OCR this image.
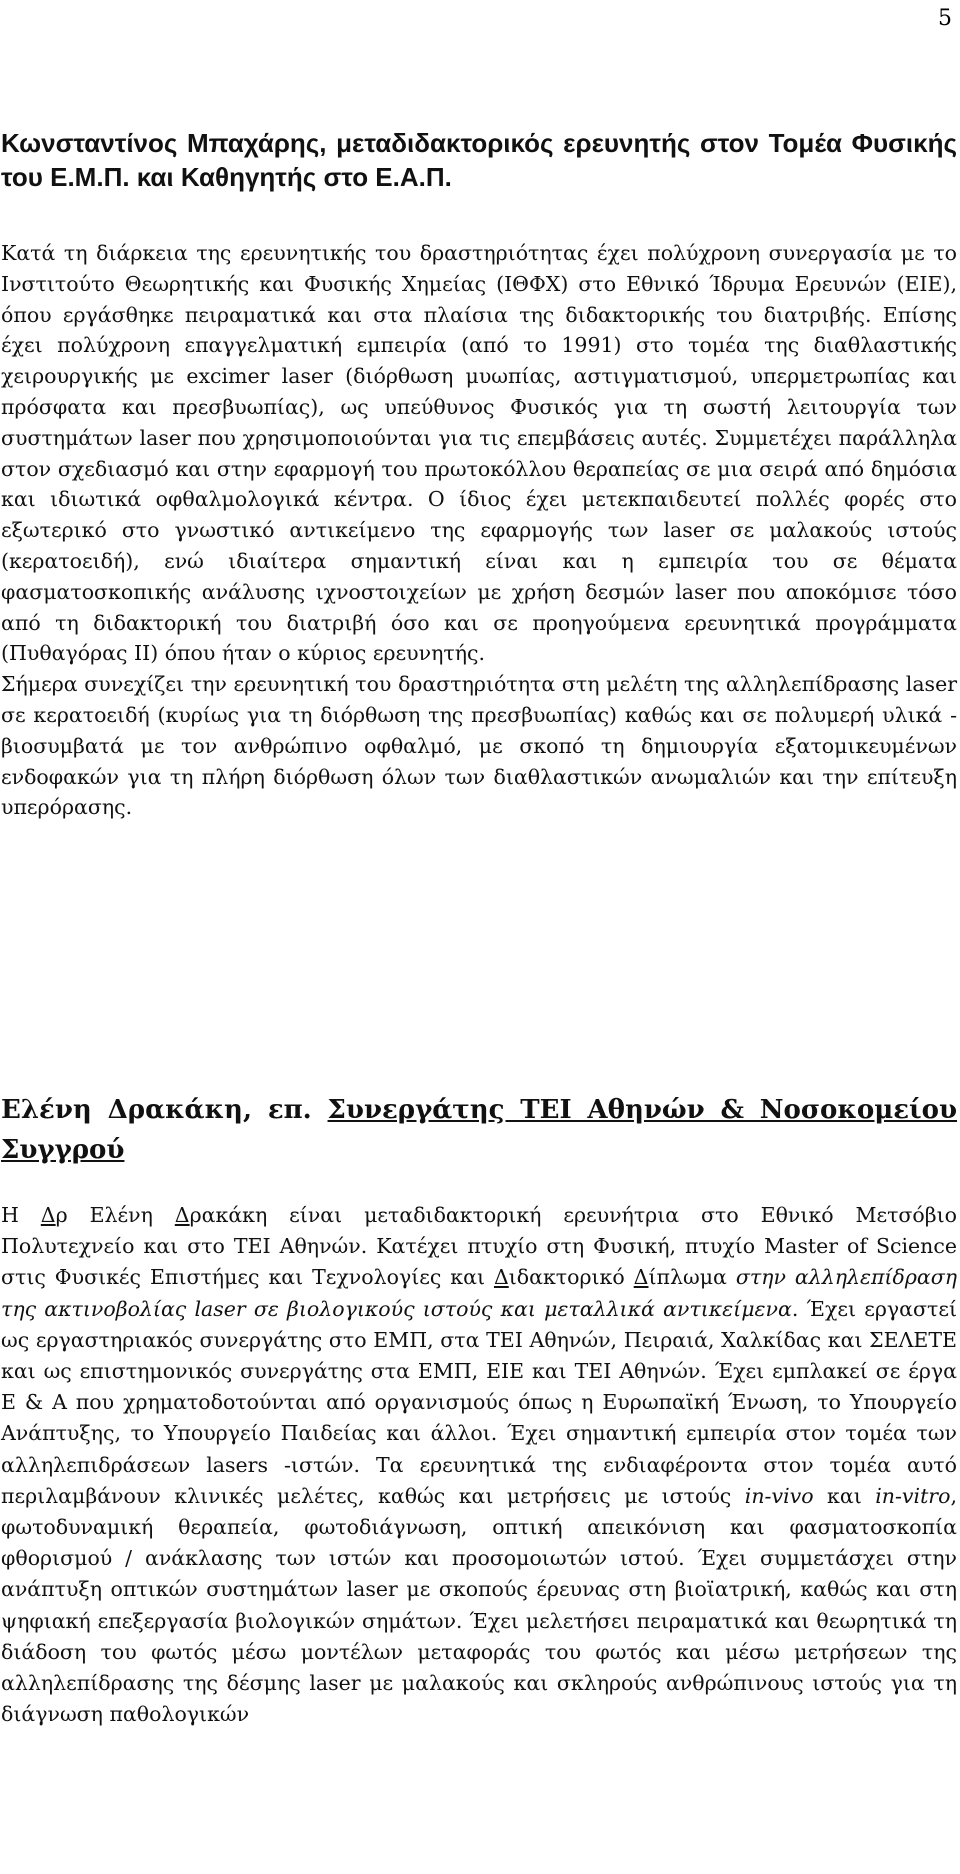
5

Κωνσταντίνος Μπαχάρης, μεταδιδακτορικός ερευνητής στον Τομέα Φυσικής του Ε.Μ.Π. και Καθηγητής στο Ε.Α.Π.

Κατά τη διάρκεια της ερευνητικής του δραστηριότητας έχει πολύχρονη συνεργασία με το Ινστιτούτο Θεωρητικής και Φυσικής Χημείας (ΙΘΦΧ) στο Εθνικό Ίδρυμα Ερευνών (ΕΙΕ), όπου εργάσθηκε πειραματικά και στα πλαίσια της διδακτορικής του διατριβής. Επίσης έχει πολύχρονη επαγγελματική εμπειρία (από το 1991) στο τομέα της διαθλαστικής χειρουργικής με excimer laser (διόρθωση μυωπίας, αστιγματισμού, υπερμετρωπίας και πρόσφατα και πρεσβυωπίας), ως υπεύθυνος Φυσικός για τη σωστή λειτουργία των συστημάτων laser που χρησιμοποιούνται για τις επεμβάσεις αυτές. Συμμετέχει παράλληλα στον σχεδιασμό και στην εφαρμογή του πρωτοκόλλου θεραπείας σε μια σειρά από δημόσια και ιδιωτικά οφθαλμολογικά κέντρα. Ο ίδιος έχει μετεκπαιδευτεί πολλές φορές στο εξωτερικό στο γνωστικό αντικείμενο της εφαρμογής των laser σε μαλακούς ιστούς (κερατοειδή), ενώ ιδιαίτερα σημαντική είναι και η εμπειρία του σε θέματα φασματοσκοπικής ανάλυσης ιχνοστοιχείων με χρήση δεσμών laser που αποκόμισε τόσο από τη διδακτορική του διατριβή όσο και σε προηγούμενα ερευνητικά προγράμματα (Πυθαγόρας ΙΙ) όπου ήταν ο κύριος ερευνητής.

Σήμερα συνεχίζει την ερευνητική του δραστηριότητα στη μελέτη της αλληλεπίδρασης laser σε κερατοειδή (κυρίως για τη διόρθωση της πρεσβυωπίας) καθώς και σε πολυμερή υλικά - βιοσυμβατά με τον ανθρώπινο οφθαλμό, με σκοπό τη δημιουργία εξατομικευμένων ενδοφακών για τη πλήρη διόρθωση όλων των διαθλαστικών ανωμαλιών και την επίτευξη υπερόρασης.

Ελένη Δρακάκη, επ. Συνεργάτης ΤΕΙ Αθηνών & Νοσοκομείου Συγγρού

Η Δρ Ελένη Δρακάκη είναι μεταδιδακτορική ερευνήτρια στο Εθνικό Μετσόβιο Πολυτεχνείο και στο ΤΕΙ Αθηνών. Κατέχει πτυχίο στη Φυσική, πτυχίο Master of Science στις Φυσικές Επιστήμες και Τεχνολογίες και Διδακτορικό Δίπλωμα στην αλληλεπίδραση της ακτινοβολίας laser σε βιολογικούς ιστούς και μεταλλικά αντικείμενα. Έχει εργαστεί ως εργαστηριακός συνεργάτης στο ΕΜΠ, στα ΤΕΙ Αθηνών, Πειραιά, Χαλκίδας και ΣΕΛΕΤΕ και ως επιστημονικός συνεργάτης στα ΕΜΠ, ΕΙΕ και ΤΕΙ Αθηνών. Έχει εμπλακεί σε έργα Ε & Α που χρηματοδοτούνται από οργανισμούς όπως η Ευρωπαϊκή Ένωση, το Υπουργείο Ανάπτυξης, το Υπουργείο Παιδείας και άλλοι. Έχει σημαντική εμπειρία στον τομέα των αλληλεπιδράσεων lasers -ιστών. Τα ερευνητικά της ενδιαφέροντα στον τομέα αυτό περιλαμβάνουν κλινικές μελέτες, καθώς και μετρήσεις με ιστούς in-vivo και in-vitro, φωτοδυναμική θεραπεία, φωτοδιάγνωση, οπτική απεικόνιση και φασματοσκοπία φθορισμού / ανάκλασης των ιστών και προσομοιωτών ιστού. Έχει συμμετάσχει στην ανάπτυξη οπτικών συστημάτων laser με σκοπούς έρευνας στη βιοϊατρική, καθώς και στη ψηφιακή επεξεργασία βιολογικών σημάτων. Έχει μελετήσει πειραματικά και θεωρητικά τη διάδοση του φωτός μέσω μοντέλων μεταφοράς του φωτός και μέσω μετρήσεων της αλληλεπίδρασης της δέσμης laser με μαλακούς και σκληρούς ανθρώπινους ιστούς για τη διάγνωση παθολογικών
